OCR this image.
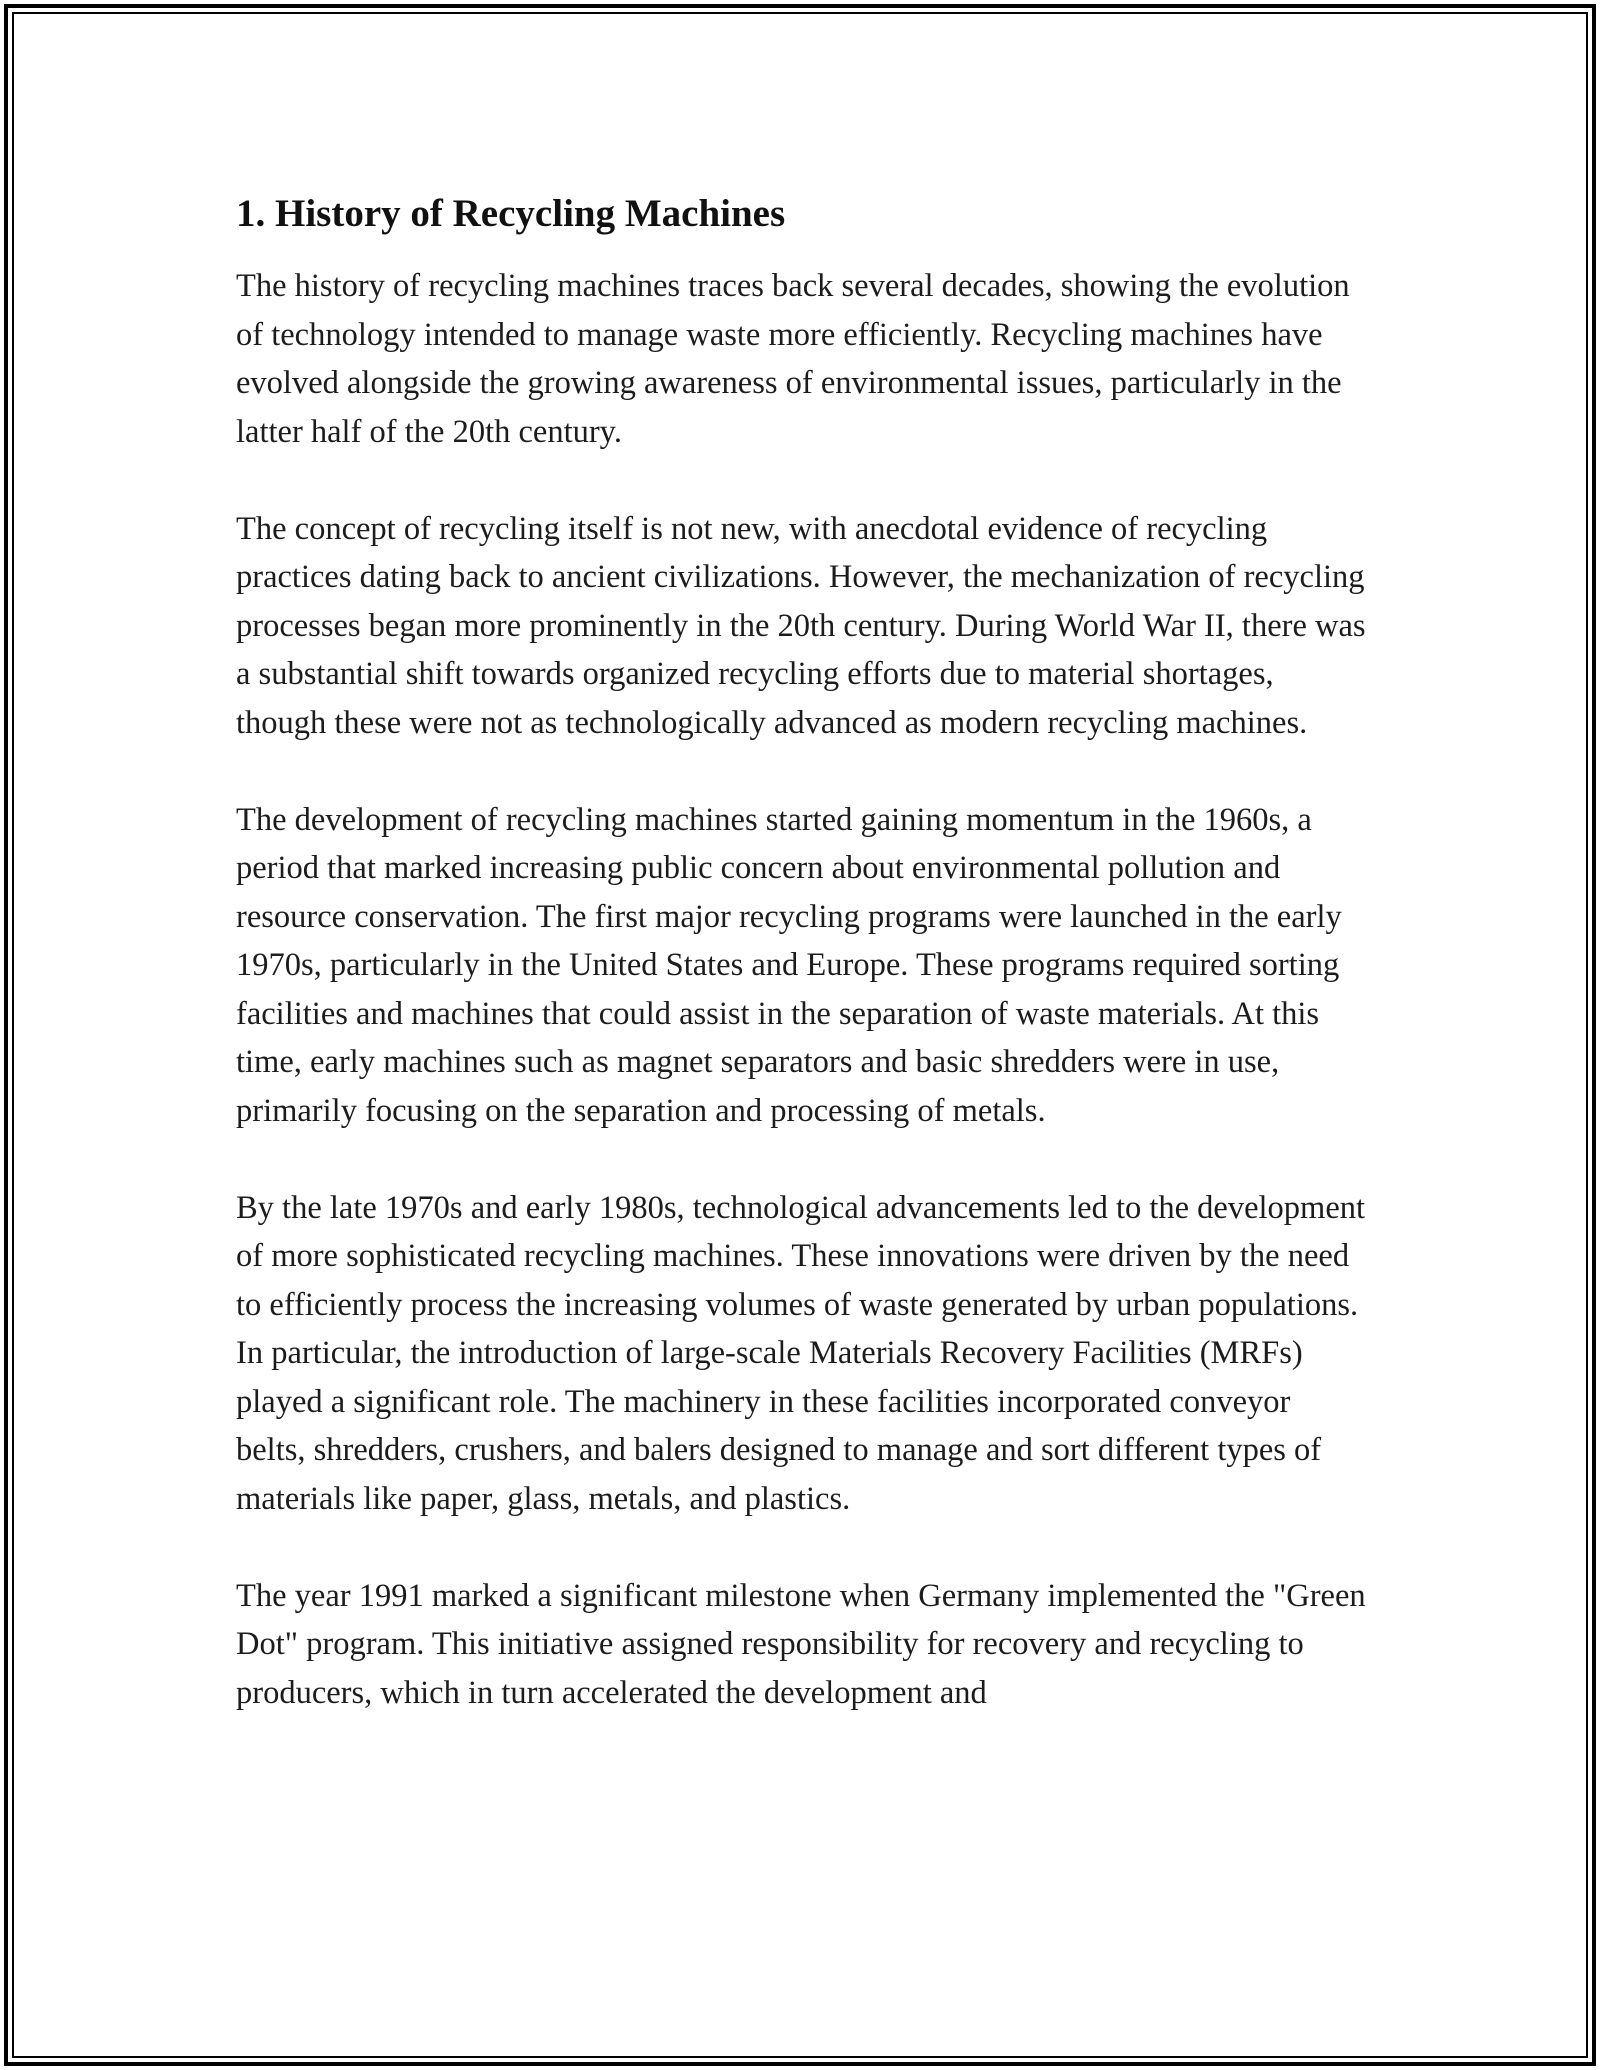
1. History of Recycling Machines

The history of recycling machines traces back several decades, showing the evolution of technology intended to manage waste more efficiently. Recycling machines have evolved alongside the growing awareness of environmental issues, particularly in the latter half of the 20th century.

The concept of recycling itself is not new, with anecdotal evidence of recycling practices dating back to ancient civilizations. However, the mechanization of recycling processes began more prominently in the 20th century. During World War II, there was a substantial shift towards organized recycling efforts due to material shortages, though these were not as technologically advanced as modern recycling machines.

The development of recycling machines started gaining momentum in the 1960s, a period that marked increasing public concern about environmental pollution and resource conservation. The first major recycling programs were launched in the early 1970s, particularly in the United States and Europe. These programs required sorting facilities and machines that could assist in the separation of waste materials. At this time, early machines such as magnet separators and basic shredders were in use, primarily focusing on the separation and processing of metals.

By the late 1970s and early 1980s, technological advancements led to the development of more sophisticated recycling machines. These innovations were driven by the need to efficiently process the increasing volumes of waste generated by urban populations. In particular, the introduction of large-scale Materials Recovery Facilities (MRFs) played a significant role. The machinery in these facilities incorporated conveyor belts, shredders, crushers, and balers designed to manage and sort different types of materials like paper, glass, metals, and plastics.

The year 1991 marked a significant milestone when Germany implemented the "Green Dot" program. This initiative assigned responsibility for recovery and recycling to producers, which in turn accelerated the development and
